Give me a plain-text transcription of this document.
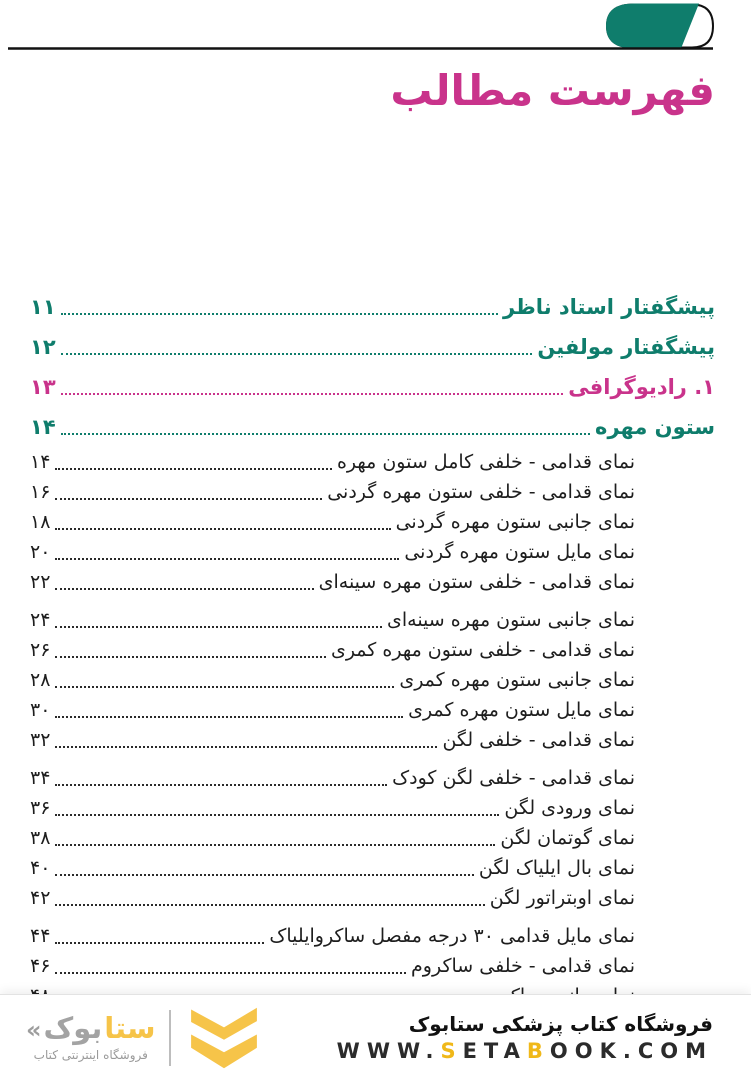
فهرست مطالب
پیشگفتار استاد ناظر
۱۱
پیشگفتار مولفین
۱۲
۱. رادیوگرافی
۱۳
ستون مهره
۱۴
نمای قدامی - خلفی کامل ستون مهره
۱۴
نمای قدامی - خلفی ستون مهره گردنی
۱۶
نمای جانبی ستون مهره گردنی
۱۸
نمای مایل ستون مهره گردنی
۲۰
نمای قدامی - خلفی ستون مهره سینه‌ای
۲۲
نمای جانبی ستون مهره سینه‌ای
۲۴
نمای قدامی - خلفی ستون مهره کمری
۲۶
نمای جانبی ستون مهره کمری
۲۸
نمای مایل ستون مهره کمری
۳۰
نمای قدامی - خلفی لگن
۳۲
نمای قدامی - خلفی لگن کودک
۳۴
نمای ورودی لگن
۳۶
نمای گوتمان لگن
۳۸
نمای بال ایلیاک لگن
۴۰
نمای اوبتراتور لگن
۴۲
نمای مایل قدامی ۳۰ درجه مفصل ساکروایلیاک
۴۴
نمای قدامی - خلفی ساکروم
۴۶
« بوک ستا
فروشگاه اینترنتی کتاب
فروشگاه کتاب پزشکی ستابوک
WWW.SETABOOK.COM
